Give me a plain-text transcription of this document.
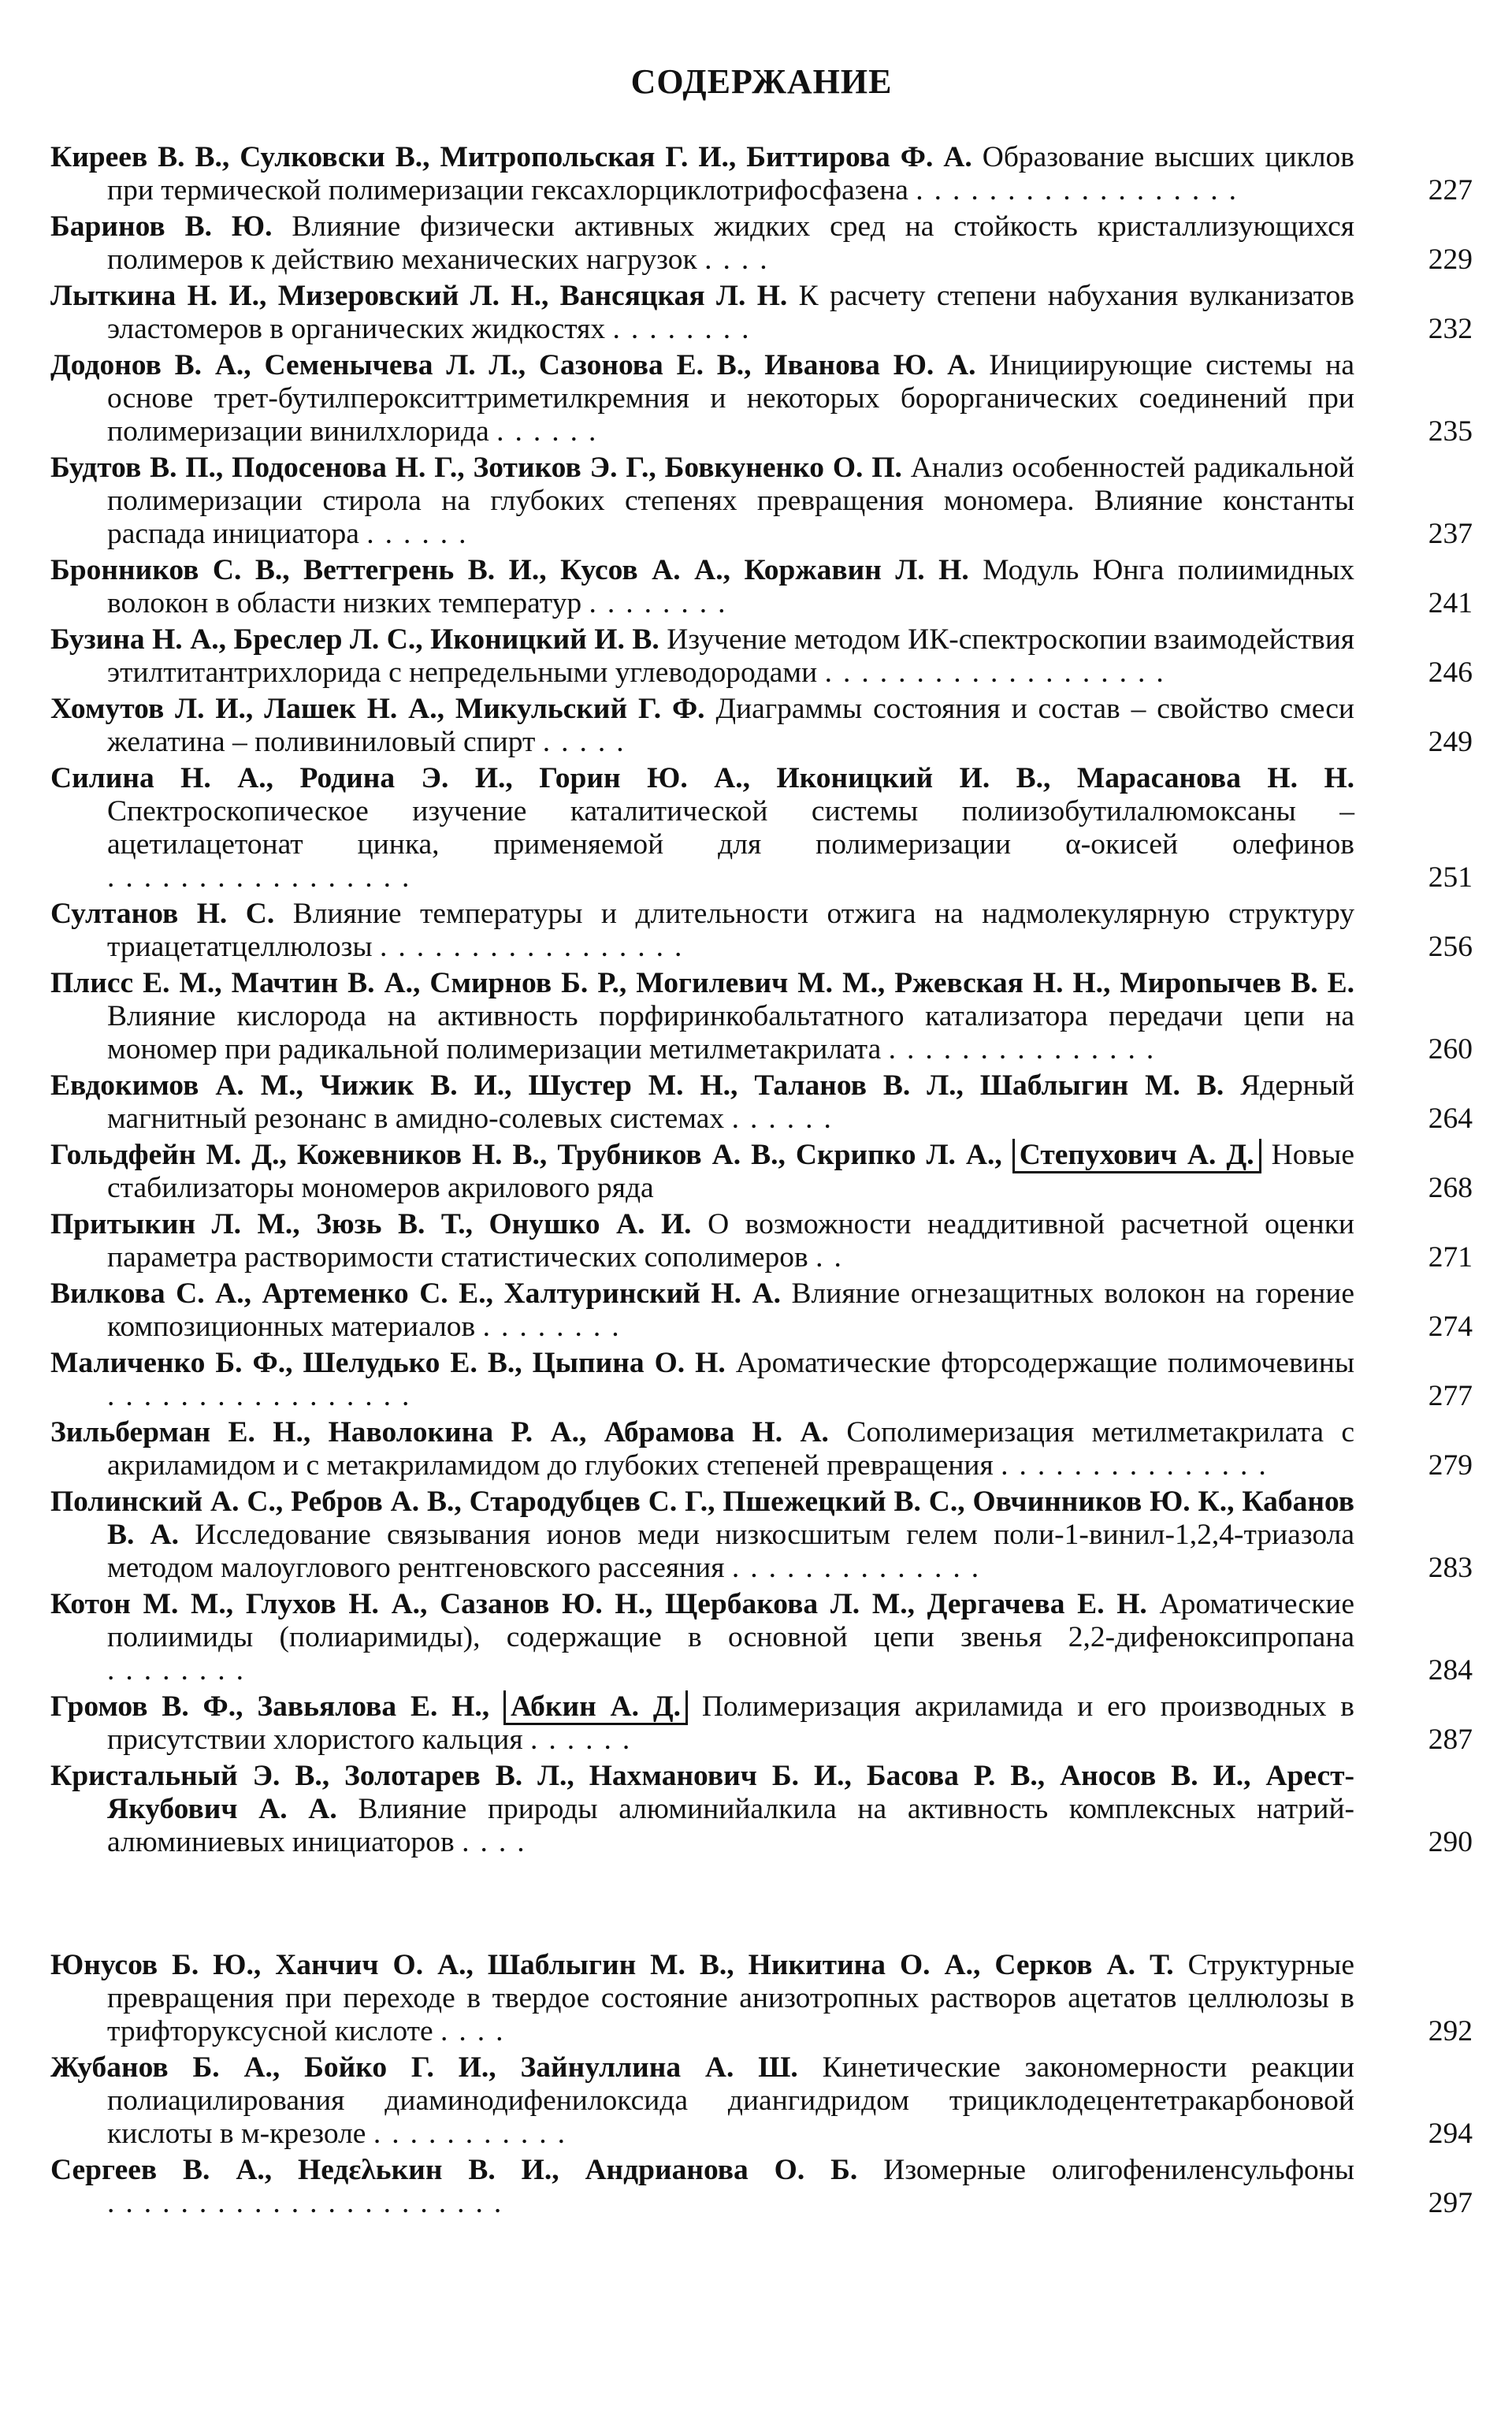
СОДЕРЖАНИЕ
Киреев В. В., Сулковски В., Митропольская Г. И., Биттирова Ф. А. Образование высших циклов при термической полимеризации гексахлорциклотрифосфазена ..................	227
Баринов В. Ю. Влияние физически активных жидких сред на стойкость кристаллизующихся полимеров к действию механических нагрузок ....	229
Лыткина Н. И., Мизеровский Л. Н., Вансяцкая Л. Н. К расчету степени набухания вулканизатов эластомеров в органических жидкостях ........	232
Додонов В. А., Семенычева Л. Л., Сазонова Е. В., Иванова Ю. А. Инициирующие системы на основе трет-бутилперокситтриметилкремния и некоторых борорганических соединений при полимеризации винилхлорида ......	235
Будтов В. П., Подосенова Н. Г., Зотиков Э. Г., Бовкуненко О. П. Анализ особенностей радикальной полимеризации стирола на глубоких степенях превращения мономера. Влияние константы распада инициатора ......	237
Бронников С. В., Веттегрень В. И., Кусов А. А., Коржавин Л. Н. Модуль Юнга полиимидных волокон в области низких температур ........	241
Бузина Н. А., Бреслер Л. С., Иконицкий И. В. Изучение методом ИК-спектроскопии взаимодействия этилтитантрихлорида с непредельными углеводородами ...................	246
Хомутов Л. И., Лашек Н. А., Микульский Г. Ф. Диаграммы состояния и состав – свойство смеси желатина – поливиниловый спирт .....	249
Силина Н. А., Родина Э. И., Горин Ю. А., Иконицкий И. В., Марасанова Н. Н. Спектроскопическое изучение каталитической системы полиизобутилалюмоксаны – ацетилацетонат цинка, применяемой для полимеризации α-окисей олефинов .................	251
Султанов Н. С. Влияние температуры и длительности отжига на надмолекулярную структуру триацетатцеллюлозы .................	256
Плисс Е. М., Мачтин В. А., Смирнов Б. Р., Могилевич М. М., Ржевская Н. Н., Мироnычев В. Е. Влияние кислорода на активность порфиринкобальтатного катализатора передачи цепи на мономер при радикальной полимеризации метилметакрилата ...............	260
Евдокимов А. М., Чижик В. И., Шустер М. Н., Таланов В. Л., Шаблыгин М. В. Ядерный магнитный резонанс в амидно-солевых системах ......	264
Гольдфейн М. Д., Кожевников Н. В., Трубников А. В., Скрипко Л. А., Степухович А. Д. Новые стабилизаторы мономеров акрилового ряда	268
Притыкин Л. М., Зюзь В. Т., Онушко А. И. О возможности неаддитивной расчетной оценки параметра растворимости статистических сополимеров ..	271
Вилкова С. А., Артеменко С. Е., Халтуринский Н. А. Влияние огнезащитных волокон на горение композиционных материалов ........	274
Маличенко Б. Ф., Шелудько Е. В., Цыпина О. Н. Ароматические фторсодержащие полимочевины .................	277
Зильберман Е. Н., Наволокина Р. А., Абрамова Н. А. Сополимеризация метилметакрилата с акриламидом и с метакриламидом до глубоких степеней превращения ...............	279
Полинский А. С., Ребров А. В., Стародубцев С. Г., Пшежецкий В. С., Овчинников Ю. К., Кабанов В. А. Исследование связывания ионов меди низкосшитым гелем поли-1-винил-1,2,4-триазола методом малоуглового рентгеновского рассеяния ..............	283
Котон М. М., Глухов Н. А., Сазанов Ю. Н., Щербакова Л. М., Дергачева Е. Н. Ароматические полиимиды (полиаримиды), содержащие в основной цепи звенья 2,2-дифеноксипропана ........	284
Громов В. Ф., Завьялова Е. Н., Абкин А. Д. Полимеризация акриламида и его производных в присутствии хлористого кальция ......	287
Кристальный Э. В., Золотарев В. Л., Нахманович Б. И., Басова Р. В., Аносов В. И., Арест-Якубович А. А. Влияние природы алюминийалкила на активность комплексных натрий-алюминиевых инициаторов ....	290
Юнусов Б. Ю., Ханчич О. А., Шаблыгин М. В., Никитина О. А., Серков А. Т. Структурные превращения при переходе в твердое состояние анизотропных растворов ацетатов целлюлозы в трифторуксусной кислоте ....	292
Жубанов Б. А., Бойко Г. И., Зайнуллина А. Ш. Кинетические закономерности реакции полиацилирования диаминодифенилоксида диангидридом трициклодецентетракарбоновой кислоты в м-крезоле ...........	294
Сергеев В. А., Недελькин В. И., Андрианова О. Б. Изомерные олигофениленсульфоны ......................	297
